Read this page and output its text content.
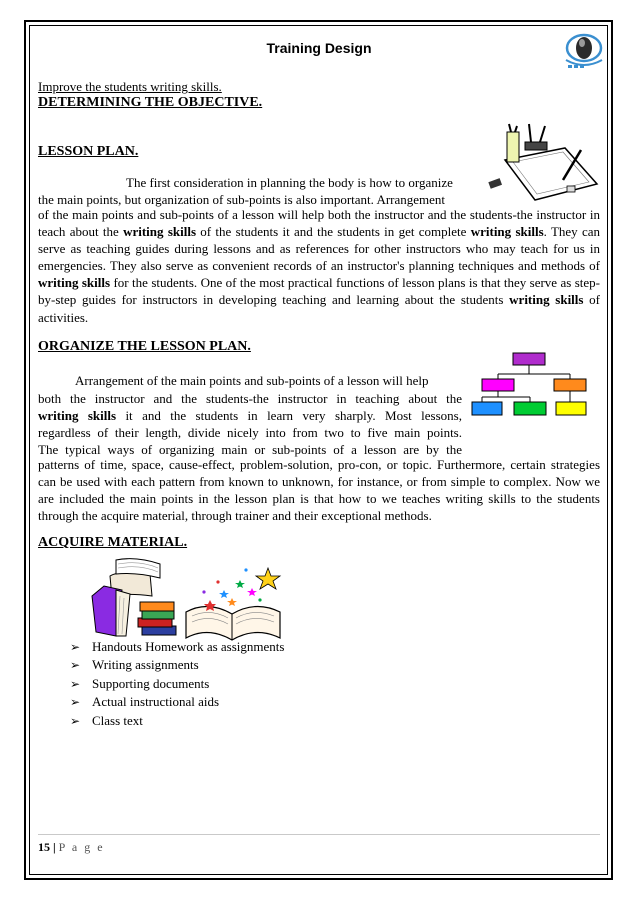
Training Design
Improve the students writing skills.
DETERMINING THE OBJECTIVE.
LESSON PLAN.
The first consideration in planning the body is how to organize
the main points, but organization of sub-points is also important. Arrangement

of the main points and sub-points of a lesson will help both the instructor and the students-the instructor in teach about the writing skills of the students it and the students in get complete writing skills. They can serve as teaching guides during lessons and as references for other instructors who may teach for us in emergencies. They also serve as convenient records of an instructor's planning techniques and methods of writing skills for the students. One of the most practical functions of lesson plans is that they serve as step-by-step guides for instructors in developing teaching and learning about the students writing skills of activities.

ORGANIZE THE LESSON PLAN.
Arrangement of the main points and sub-points of a lesson will help
both the instructor and the students-the instructor in teaching about the
writing skills it and the students in learn very sharply. Most lessons,
regardless of their length, divide nicely into from two to five main points.
The typical ways of organizing main or sub-points of a lesson are by the

patterns of time, space, cause-effect, problem-solution, pro-con, or topic. Furthermore, certain strategies can be used with each pattern from known to unknown, for instance, or from simple to complex. Now we are included the main points in the lesson plan is that how to we teaches writing skills to the students through the acquire material, through trainer and their exceptional methods.

ACQUIRE MATERIAL.
➢ Handouts Homework as assignments
➢ Writing assignments
➢ Supporting documents
➢ Actual instructional aids
➢ Class text
15 | P a g e
